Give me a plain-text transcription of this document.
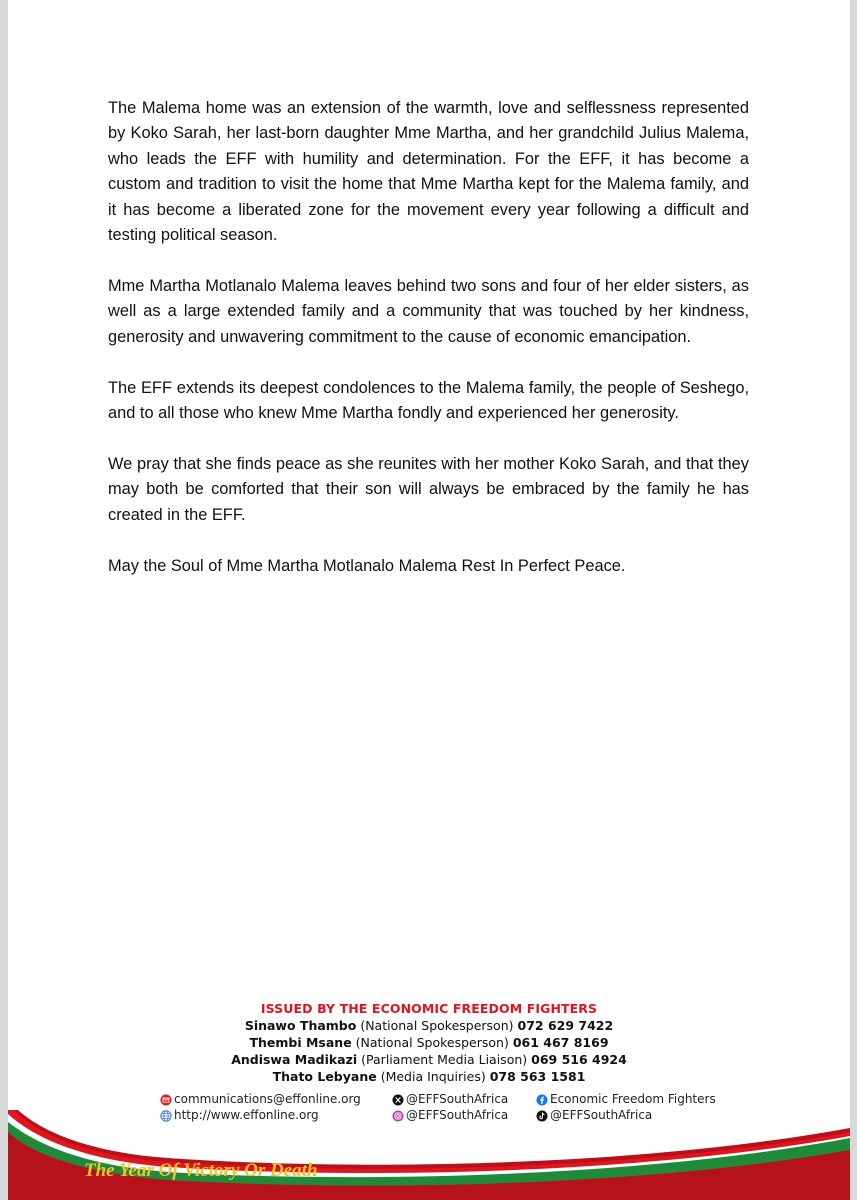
The Malema home was an extension of the warmth, love and selflessness represented by Koko Sarah, her last-born daughter Mme Martha, and her grandchild Julius Malema, who leads the EFF with humility and determination. For the EFF, it has become a custom and tradition to visit the home that Mme Martha kept for the Malema family, and it has become a liberated zone for the movement every year following a difficult and testing political season.

Mme Martha Motlanalo Malema leaves behind two sons and four of her elder sisters, as well as a large extended family and a community that was touched by her kindness, generosity and unwavering commitment to the cause of economic emancipation.

The EFF extends its deepest condolences to the Malema family, the people of Seshego, and to all those who knew Mme Martha fondly and experienced her generosity.

We pray that she finds peace as she reunites with her mother Koko Sarah, and that they may both be comforted that their son will always be embraced by the family he has created in the EFF.

May the Soul of Mme Martha Motlanalo Malema Rest In Perfect Peace.

ISSUED BY THE ECONOMIC FREEDOM FIGHTERS
Sinawo Thambo (National Spokesperson) 072 629 7422
Thembi Msane (National Spokesperson) 061 467 8169
Andiswa Madikazi (Parliament Media Liaison) 069 516 4924
Thato Lebyane (Media Inquiries) 078 563 1581
The Year Of Victory Or Death
communications@effonline.org
http://www.effonline.org
@EFFSouthAfrica
@EFFSouthAfrica
Economic Freedom Fighters
@EFFSouthAfrica
